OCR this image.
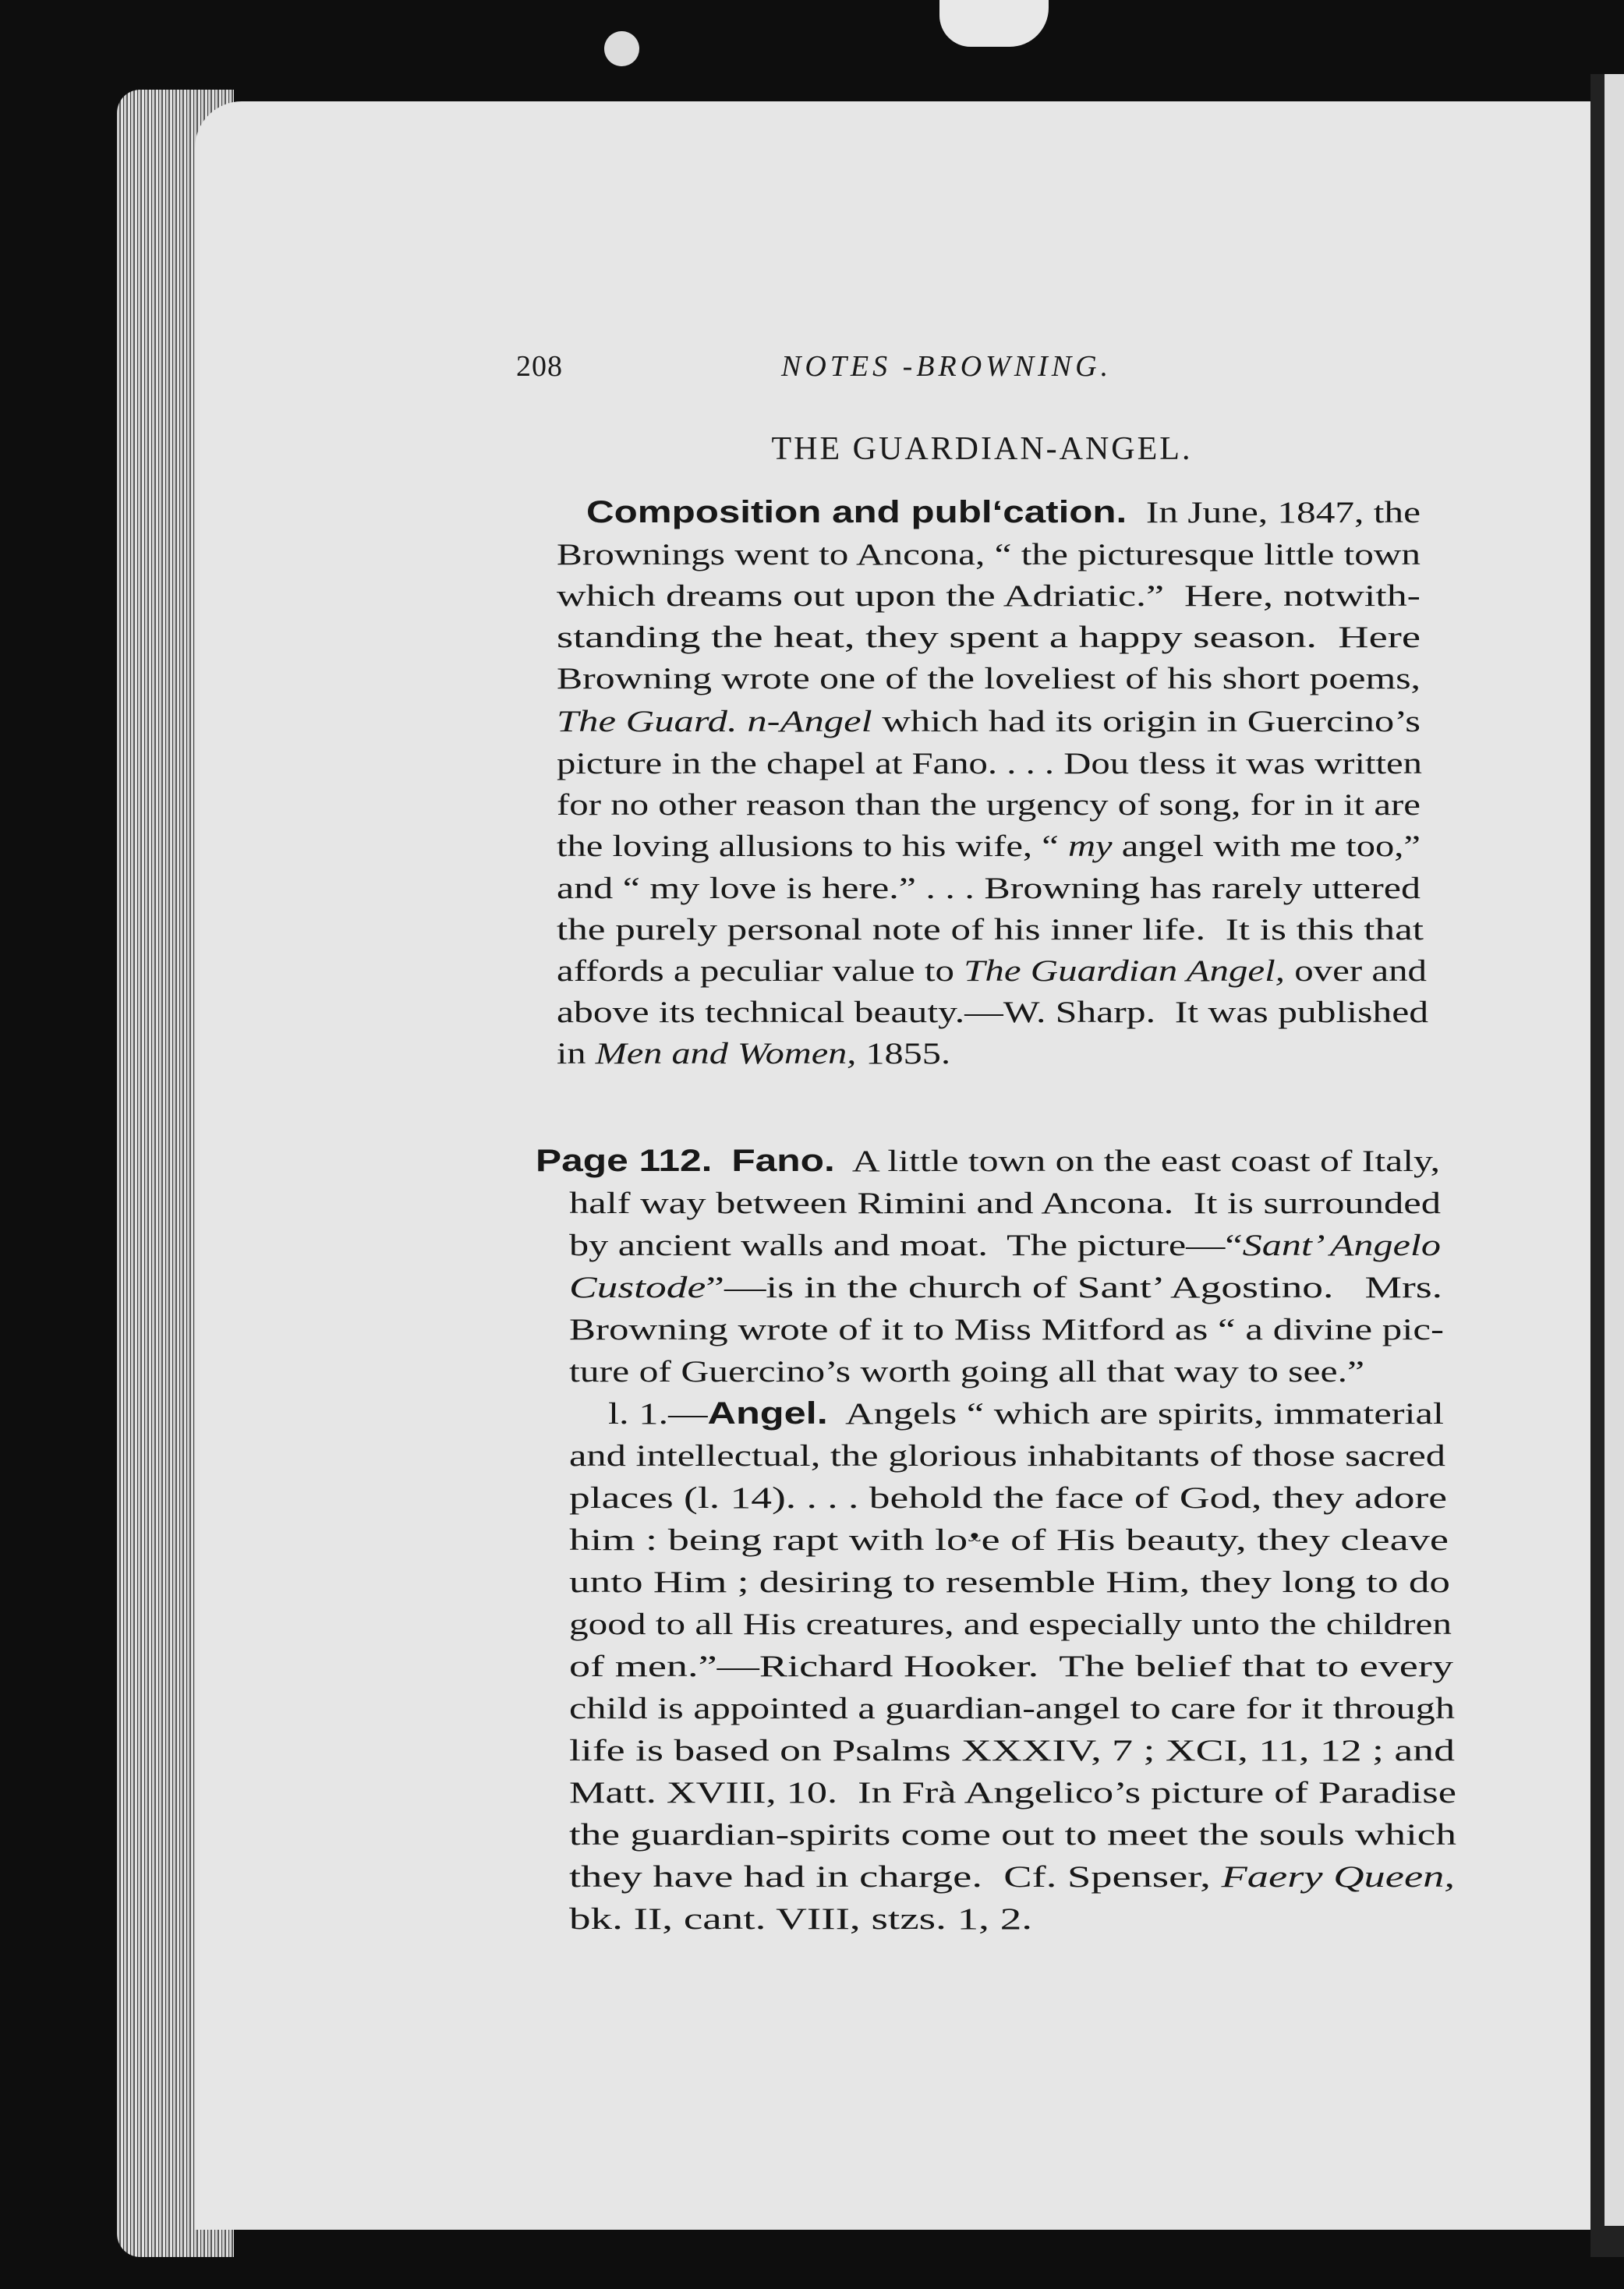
208	NOTES -BROWNING.
THE GUARDIAN-ANGEL.
Composition and publʻcation.  In June, 1847, the
Brownings went to Ancona, “ the picturesque little town
which dreams out upon the Adriatic.”  Here, notwith-
standing the heat, they spent a happy season.  Here
Browning wrote one of the loveliest of his short poems,
The Guard. n-Angel which had its origin in Guercino’s
picture in the chapel at Fano. . . . Dou tless it was written
for no other reason than the urgency of song, for in it are
the loving allusions to his wife, “ my angel with me too,”
and “ my love is here.” . . . Browning has rarely uttered
the purely personal note of his inner life.  It is this that
affords a peculiar value to The Guardian Angel, over and
above its technical beauty.—W. Sharp.  It was published
in Men and Women, 1855.
Page 112. Fano.  A little town on the east coast of Italy,
half way between Rimini and Ancona.  It is surrounded
by ancient walls and moat.  The picture—“Sant’ Angelo
Custode”—is in the church of Sant’ Agostino.   Mrs.
Browning wrote of it to Miss Mitford as “ a divine pic-
ture of Guercino’s worth going all that way to see.”
l. 1.—Angel.  Angels “ which are spirits, immaterial
and intellectual, the glorious inhabitants of those sacred
places (l. 14). . . . behold the face of God, they adore
him : being rapt with loᵜe of His beauty, they cleave
unto Him ; desiring to resemble Him, they long to do
good to all His creatures, and especially unto the children
of men.”—Richard Hooker.  The belief that to every
child is appointed a guardian-angel to care for it through
life is based on Psalms XXXIV, 7 ; XCI, 11, 12 ; and
Matt. XVIII, 10.  In Frà Angelico’s picture of Paradise
the guardian-spirits come out to meet the souls which
they have had in charge.  Cf. Spenser, Faery Queen,
bk. II, cant. VIII, stzs. 1, 2.
